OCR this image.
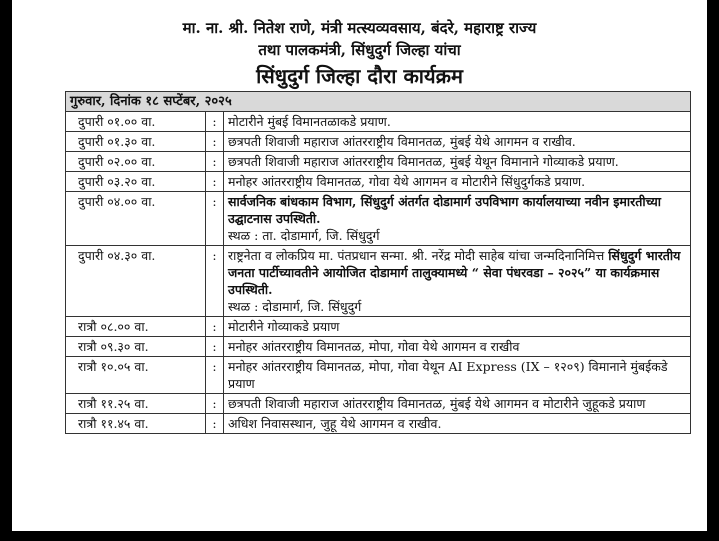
मा. ना. श्री. नितेश राणे, मंत्री मत्स्यव्यवसाय, बंदरे, महाराष्ट्र राज्य
तथा पालकमंत्री, सिंधुदुर्ग जिल्हा यांचा
सिंधुदुर्ग जिल्हा दौरा कार्यक्रम
गुरुवार, दिनांक १८ सप्टेंबर, २०२५		
दुपारी ०१.०० वा.	:	मोटारीने मुंबई विमानतळाकडे प्रयाण.
दुपारी ०१.३० वा.	:	छत्रपती शिवाजी महाराज आंतरराष्ट्रीय विमानतळ, मुंबई येथे आगमन व राखीव.
दुपारी ०२.०० वा.	:	छत्रपती शिवाजी महाराज आंतरराष्ट्रीय विमानतळ, मुंबई येथून विमानाने गोव्याकडे प्रयाण.
दुपारी ०३.२० वा.	:	मनोहर आंतरराष्ट्रीय विमानतळ, गोवा येथे आगमन व मोटारीने सिंधुदुर्गकडे प्रयाण.
दुपारी ०४.०० वा.	:	सार्वजनिक बांधकाम विभाग, सिंधुदुर्ग अंतर्गत दोडामार्ग उपविभाग कार्यालयाच्या नवीन इमारतीच्या उद्घाटनास उपस्थिती.
स्थळ : ता. दोडामार्ग, जि. सिंधुदुर्ग

दुपारी ०४.३० वा.	:	राष्ट्रनेता व लोकप्रिय मा. पंतप्रधान सन्मा. श्री. नरेंद्र मोदी साहेब यांचा जन्मदिनानिमित्त सिंधुदुर्ग भारतीय जनता पार्टीच्यावतीने आयोजित दोडामार्ग तालुक्यामध्ये “ सेवा पंधरवडा – २०२५” या कार्यक्रमास उपस्थिती.
स्थळ : दोडामार्ग, जि. सिंधुदुर्ग

रात्रौ ०८.०० वा.	:	मोटारीने गोव्याकडे प्रयाण
रात्रौ ०९.३० वा.	:	मनोहर आंतरराष्ट्रीय विमानतळ, मोपा, गोवा येथे आगमन व राखीव
रात्रौ १०.०५ वा.	:	मनोहर आंतरराष्ट्रीय विमानतळ, मोपा, गोवा येथून AI Express (IX – १२०९) विमानाने मुंबईकडे प्रयाण
रात्रौ ११.२५ वा.	:	छत्रपती शिवाजी महाराज आंतरराष्ट्रीय विमानतळ, मुंबई येथे आगमन व मोटारीने जुहूकडे प्रयाण
रात्रौ ११.४५ वा.	:	अधिश निवासस्थान, जुहू येथे आगमन व राखीव.
